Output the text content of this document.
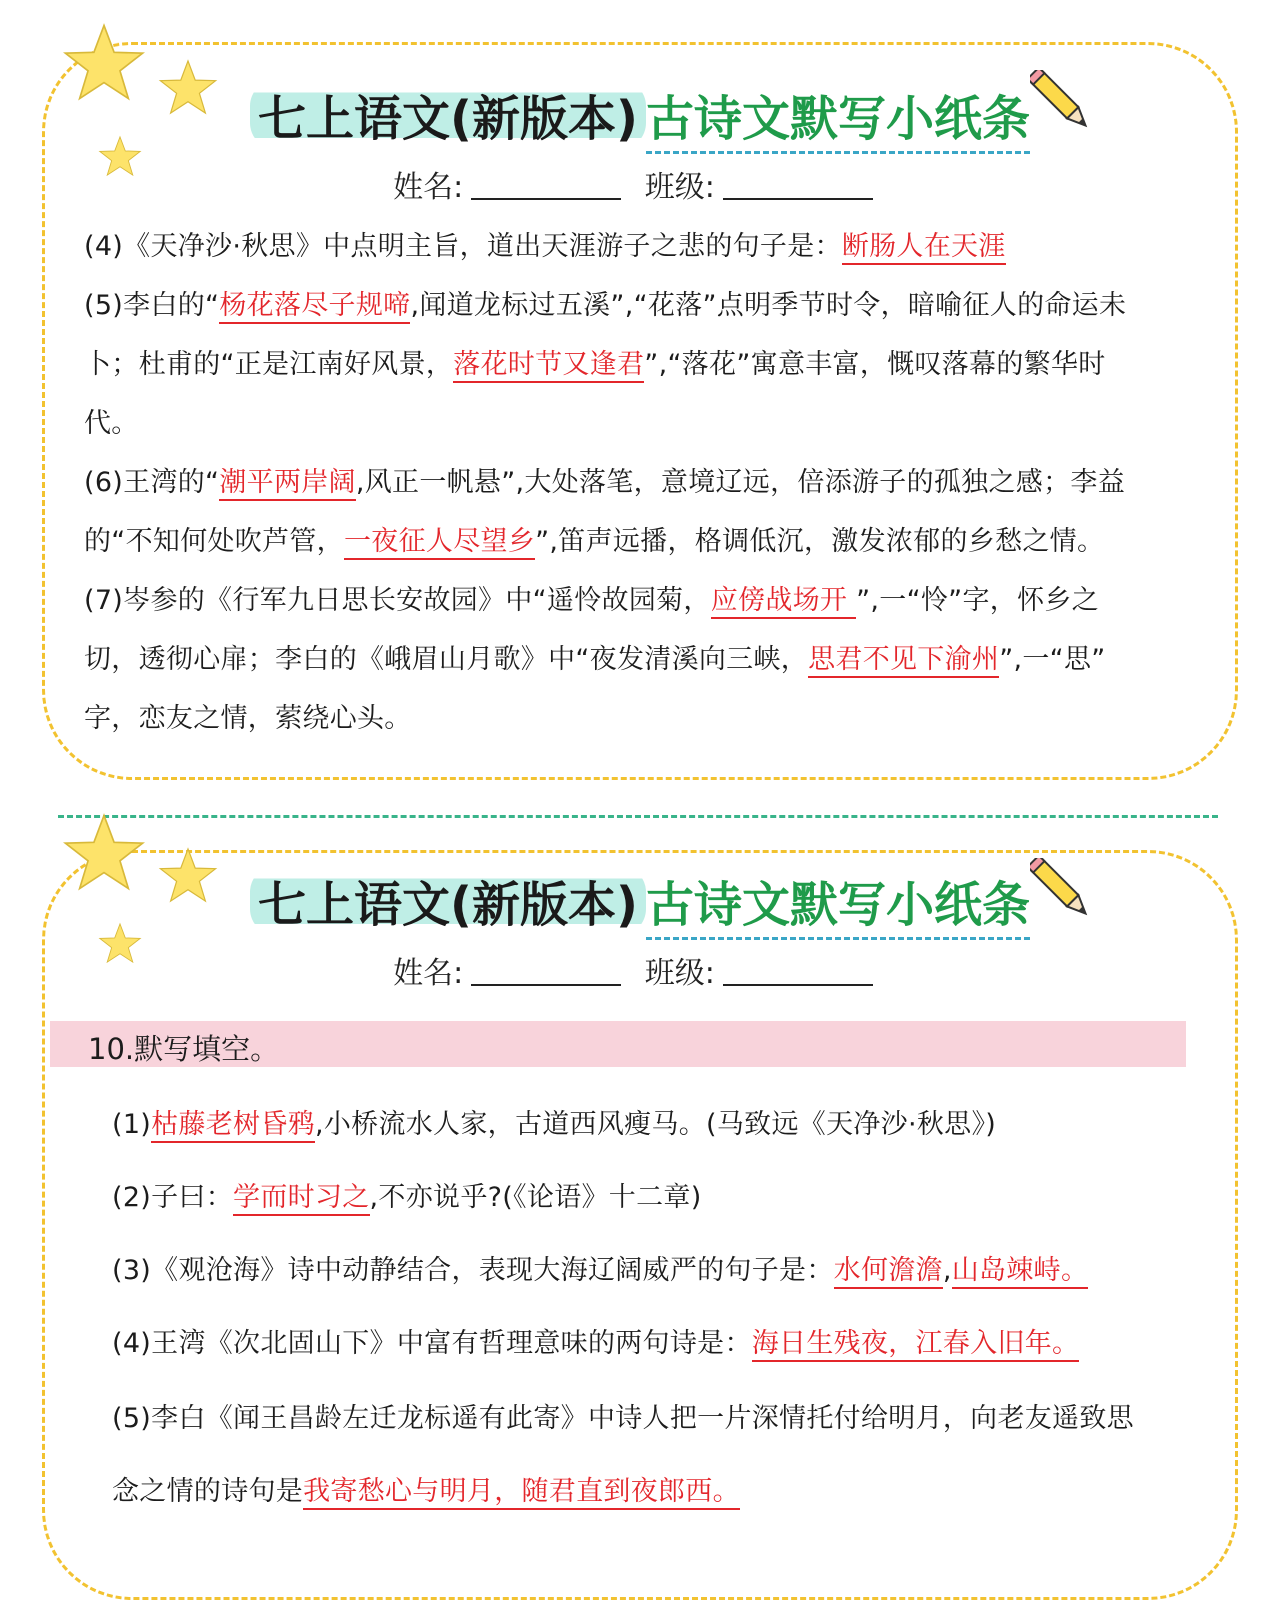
七上语文(新版本) 古诗文默写小纸条
姓名:	班级:
(4)《天净沙·秋思》中点明主旨，道出天涯游子之悲的句子是：断肠人在天涯
(5)李白的“杨花落尽子规啼,闻道龙标过五溪”,“花落”点明季节时令，暗喻征人的命运未
卜；杜甫的“正是江南好风景，落花时节又逢君”,“落花”寓意丰富，慨叹落幕的繁华时
代。
(6)王湾的“潮平两岸阔,风正一帆悬”,大处落笔，意境辽远，倍添游子的孤独之感；李益
的“不知何处吹芦管，一夜征人尽望乡”,笛声远播，格调低沉，激发浓郁的乡愁之情。
(7)岑参的《行军九日思长安故园》中“遥怜故园菊，应傍战场开 ”,一“怜”字，怀乡之
切，透彻心扉；李白的《峨眉山月歌》中“夜发清溪向三峡，思君不见下渝州”,一“思”
字，恋友之情，萦绕心头。
七上语文(新版本) 古诗文默写小纸条
姓名:	班级:
10.默写填空。
(1)枯藤老树昏鸦,小桥流水人家，古道西风瘦马。(马致远《天净沙·秋思》)
(2)子曰：学而时习之,不亦说乎?(《论语》十二章)
(3)《观沧海》诗中动静结合，表现大海辽阔威严的句子是：水何澹澹,山岛竦峙。
(4)王湾《次北固山下》中富有哲理意味的两句诗是：海日生残夜，江春入旧年。
(5)李白《闻王昌龄左迁龙标遥有此寄》中诗人把一片深情托付给明月，向老友遥致思
念之情的诗句是我寄愁心与明月，随君直到夜郎西。
